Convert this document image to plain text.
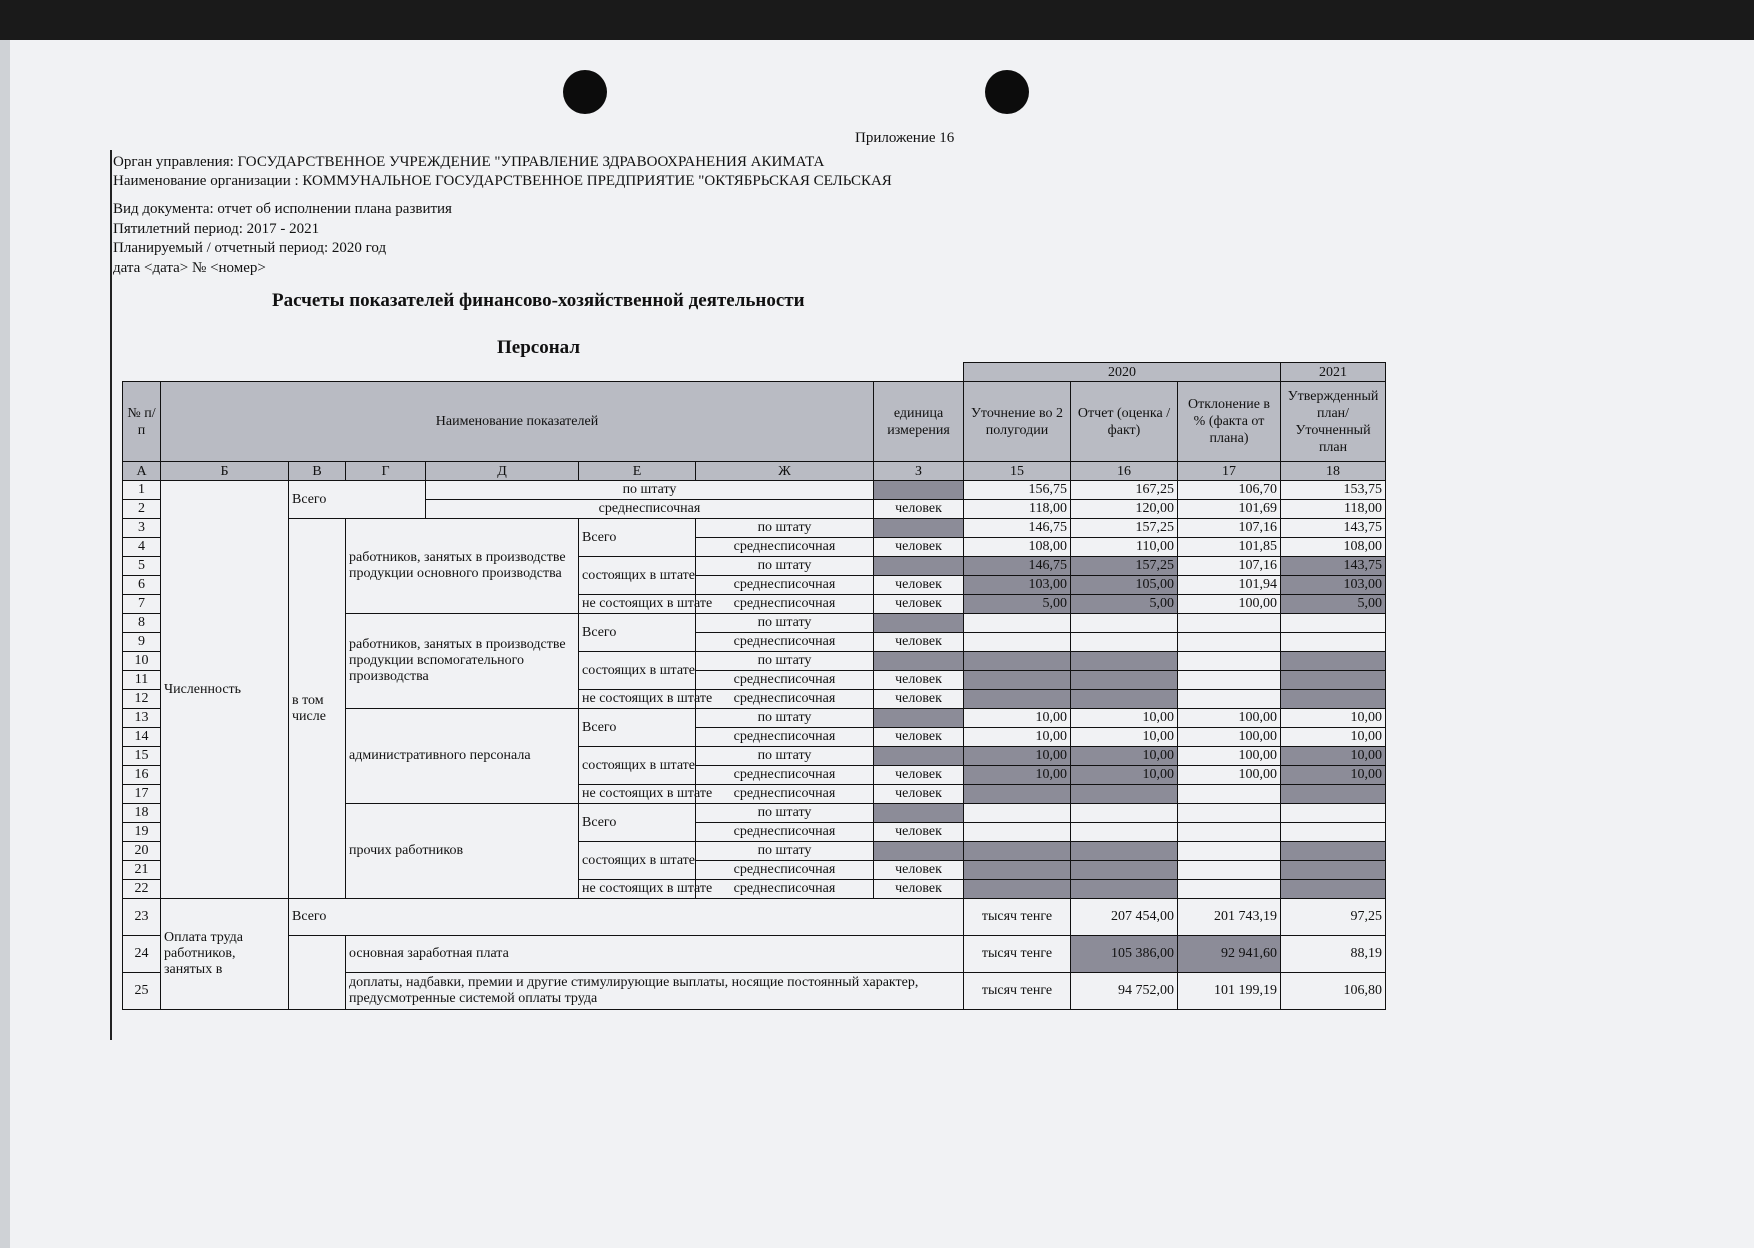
Приложение 16
Орган управления: ГОСУДАРСТВЕННОЕ УЧРЕЖДЕНИЕ "УПРАВЛЕНИЕ ЗДРАВООХРАНЕНИЯ АКИМАТА
Наименование организации : КОММУНАЛЬНОЕ ГОСУДАРСТВЕННОЕ ПРЕДПРИЯТИЕ "ОКТЯБРЬСКАЯ СЕЛЬСКАЯ
Вид документа: отчет об исполнении плана развития
Пятилетний период: 2017 - 2021
Планируемый / отчетный период: 2020 год
дата <дата> № <номер>
Расчеты показателей финансово-хозяйственной деятельности
Персонал
								2020			2021	
№ п/п	Наименование показателей						единица измерения	Уточнение во 2 полугодии	Отчет (оценка / факт)	Отклонение в % (факта от плана)	Утвержденный план/Уточненный план	
А	Б	В	Г	Д	Е	Ж	З	15	16	17	18	
1	Численность	Всего		по штату				156,75	167,25	106,70	153,75	
2				среднесписочная			человек	118,00	120,00	101,69	118,00	
3		в том числе	работников, занятых в производстве продукции основного производства		Всего	по штату		146,75	157,25	107,16	143,75	
4						среднесписочная	человек	108,00	110,00	101,85	108,00	
5					состоящих в штате	по штату		146,75	157,25	107,16	143,75	
6						среднесписочная	человек	103,00	105,00	101,94	103,00	
7					не состоящих в штате	среднесписочная	человек	5,00	5,00	100,00	5,00	
8			работников, занятых в производстве продукции вспомогательного производства		Всего	по штату						
9						среднесписочная	человек					
10					состоящих в штате	по штату						
11						среднесписочная	человек					
12					не состоящих в штате	среднесписочная	человек					
13			административного персонала		Всего	по штату		10,00	10,00	100,00	10,00	
14						среднесписочная	человек	10,00	10,00	100,00	10,00	
15					состоящих в штате	по штату		10,00	10,00	100,00	10,00	
16						среднесписочная	человек	10,00	10,00	100,00	10,00	
17					не состоящих в штате	среднесписочная	человек					
18			прочих работников		Всего	по штату						
19						среднесписочная	человек					
20					состоящих в штате	по штату						
21						среднесписочная	человек					
22					не состоящих в штате	среднесписочная	человек					
23	Оплата труда работников, занятых в	Всего						тысяч тенге	207 454,00	201 743,19	97,25	
24			основная заработная плата					тысяч тенге	105 386,00	92 941,60	88,19	
25			доплаты, надбавки, премии и другие стимулирующие выплаты, носящие постоянный характер, предусмотренные системой оплаты труда					тысяч тенге	94 752,00	101 199,19	106,80	
